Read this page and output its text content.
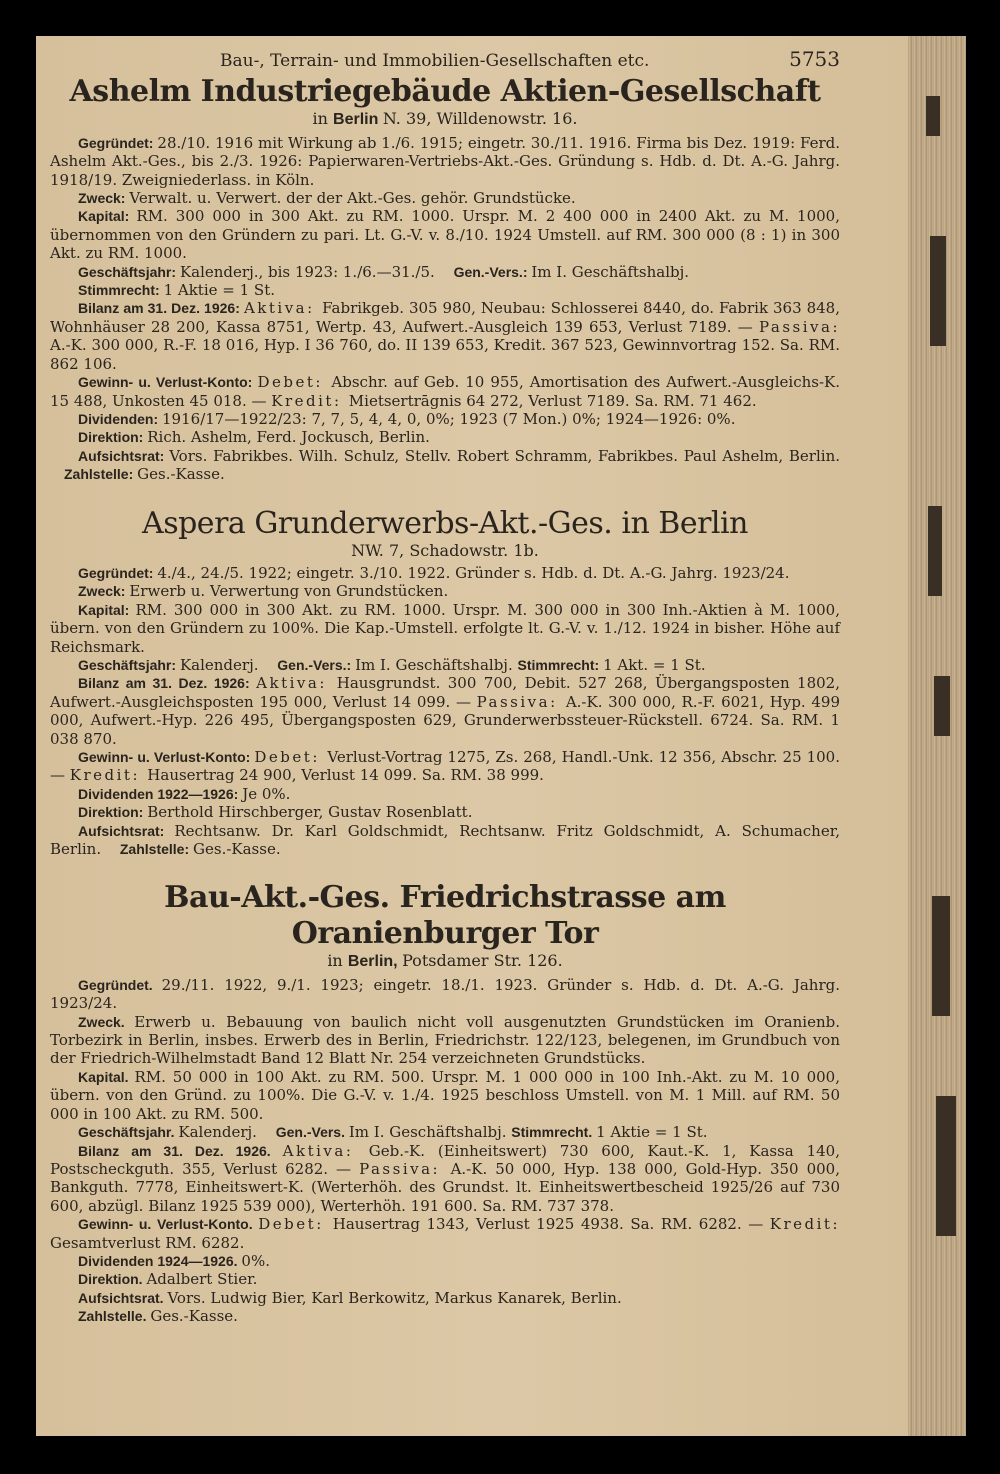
Bau-, Terrain- und Immobilien-Gesellschaften etc.	5753
Ashelm Industriegebäude Aktien-Gesellschaft
in Berlin N. 39, Willdenowstr. 16.

Gegründet: 28./10. 1916 mit Wirkung ab 1./6. 1915; eingetr. 30./11. 1916. Firma bis Dez. 1919: Ferd. Ashelm Akt.-Ges., bis 2./3. 1926: Papierwaren-Vertriebs-Akt.-Ges. Gründung s. Hdb. d. Dt. A.-G. Jahrg. 1918/19. Zweigniederlass. in Köln.

Zweck: Verwalt. u. Verwert. der der Akt.-Ges. gehör. Grundstücke.

Kapital: RM. 300 000 in 300 Akt. zu RM. 1000. Urspr. M. 2 400 000 in 2400 Akt. zu M. 1000, übernommen von den Gründern zu pari. Lt. G.-V. v. 8./10. 1924 Umstell. auf RM. 300 000 (8 : 1) in 300 Akt. zu RM. 1000.

Geschäftsjahr: Kalenderj., bis 1923: 1./6.—31./5.  Gen.-Vers.: Im I. Geschäftshalbj.

Stimmrecht: 1 Aktie = 1 St.

Bilanz am 31. Dez. 1926: Aktiva: Fabrikgeb. 305 980, Neubau: Schlosserei 8440, do. Fabrik 363 848, Wohnhäuser 28 200, Kassa 8751, Wertp. 43, Aufwert.-Ausgleich 139 653, Verlust 7189. — Passiva: A.-K. 300 000, R.-F. 18 016, Hyp. I 36 760, do. II 139 653, Kredit. 367 523, Gewinnvortrag 152. Sa. RM. 862 106.

Gewinn- u. Verlust-Konto: Debet: Abschr. auf Geb. 10 955, Amortisation des Aufwert.-Ausgleichs-K. 15 488, Unkosten 45 018. — Kredit: Mietsertrāgnis 64 272, Verlust 7189. Sa. RM. 71 462.

Dividenden: 1916/17—1922/23: 7, 7, 5, 4, 4, 0, 0%; 1923 (7 Mon.) 0%; 1924—1926: 0%.

Direktion: Rich. Ashelm, Ferd. Jockusch, Berlin.

Aufsichtsrat: Vors. Fabrikbes. Wilh. Schulz, Stellv. Robert Schramm, Fabrikbes. Paul Ashelm, Berlin.  Zahlstelle: Ges.-Kasse.

Aspera Grunderwerbs-Akt.-Ges. in Berlin
NW. 7, Schadowstr. 1b.

Gegründet: 4./4., 24./5. 1922; eingetr. 3./10. 1922. Gründer s. Hdb. d. Dt. A.-G. Jahrg. 1923/24.

Zweck: Erwerb u. Verwertung von Grundstücken.

Kapital: RM. 300 000 in 300 Akt. zu RM. 1000. Urspr. M. 300 000 in 300 Inh.-Aktien à M. 1000, übern. von den Gründern zu 100%. Die Kap.-Umstell. erfolgte lt. G.-V. v. 1./12. 1924 in bisher. Höhe auf Reichsmark.

Geschäftsjahr: Kalenderj.  Gen.-Vers.: Im I. Geschäftshalbj. Stimmrecht: 1 Akt. = 1 St.

Bilanz am 31. Dez. 1926: Aktiva: Hausgrundst. 300 700, Debit. 527 268, Übergangsposten 1802, Aufwert.-Ausgleichsposten 195 000, Verlust 14 099. — Passiva: A.-K. 300 000, R.-F. 6021, Hyp. 499 000, Aufwert.-Hyp. 226 495, Übergangsposten 629, Grunderwerbssteuer-Rückstell. 6724. Sa. RM. 1 038 870.

Gewinn- u. Verlust-Konto: Debet: Verlust-Vortrag 1275, Zs. 268, Handl.-Unk. 12 356, Abschr. 25 100. — Kredit: Hausertrag 24 900, Verlust 14 099. Sa. RM. 38 999.

Dividenden 1922—1926: Je 0%.

Direktion: Berthold Hirschberger, Gustav Rosenblatt.

Aufsichtsrat: Rechtsanw. Dr. Karl Goldschmidt, Rechtsanw. Fritz Goldschmidt, A. Schumacher, Berlin.  Zahlstelle: Ges.-Kasse.

Bau-Akt.-Ges. Friedrichstrasse am Oranienburger Tor
in Berlin, Potsdamer Str. 126.

Gegründet. 29./11. 1922, 9./1. 1923; eingetr. 18./1. 1923. Gründer s. Hdb. d. Dt. A.-G. Jahrg. 1923/24.

Zweck. Erwerb u. Bebauung von baulich nicht voll ausgenutzten Grundstücken im Oranienb. Torbezirk in Berlin, insbes. Erwerb des in Berlin, Friedrichstr. 122/123, belegenen, im Grundbuch von der Friedrich-Wilhelmstadt Band 12 Blatt Nr. 254 verzeichneten Grundstücks.

Kapital. RM. 50 000 in 100 Akt. zu RM. 500. Urspr. M. 1 000 000 in 100 Inh.-Akt. zu M. 10 000, übern. von den Gründ. zu 100%. Die G.-V. v. 1./4. 1925 beschloss Umstell. von M. 1 Mill. auf RM. 50 000 in 100 Akt. zu RM. 500.

Geschäftsjahr. Kalenderj.  Gen.-Vers. Im I. Geschäftshalbj. Stimmrecht. 1 Aktie = 1 St.

Bilanz am 31. Dez. 1926. Aktiva: Geb.-K. (Einheitswert) 730 600, Kaut.-K. 1, Kassa 140, Postscheckguth. 355, Verlust 6282. — Passiva: A.-K. 50 000, Hyp. 138 000, Gold-Hyp. 350 000, Bankguth. 7778, Einheitswert-K. (Werterhöh. des Grundst. lt. Einheitswertbescheid 1925/26 auf 730 600, abzügl. Bilanz 1925 539 000), Werterhöh. 191 600. Sa. RM. 737 378.

Gewinn- u. Verlust-Konto. Debet: Hausertrag 1343, Verlust 1925 4938. Sa. RM. 6282. — Kredit: Gesamtverlust RM. 6282.

Dividenden 1924—1926. 0%.

Direktion. Adalbert Stier.

Aufsichtsrat. Vors. Ludwig Bier, Karl Berkowitz, Markus Kanarek, Berlin.

Zahlstelle. Ges.-Kasse.
